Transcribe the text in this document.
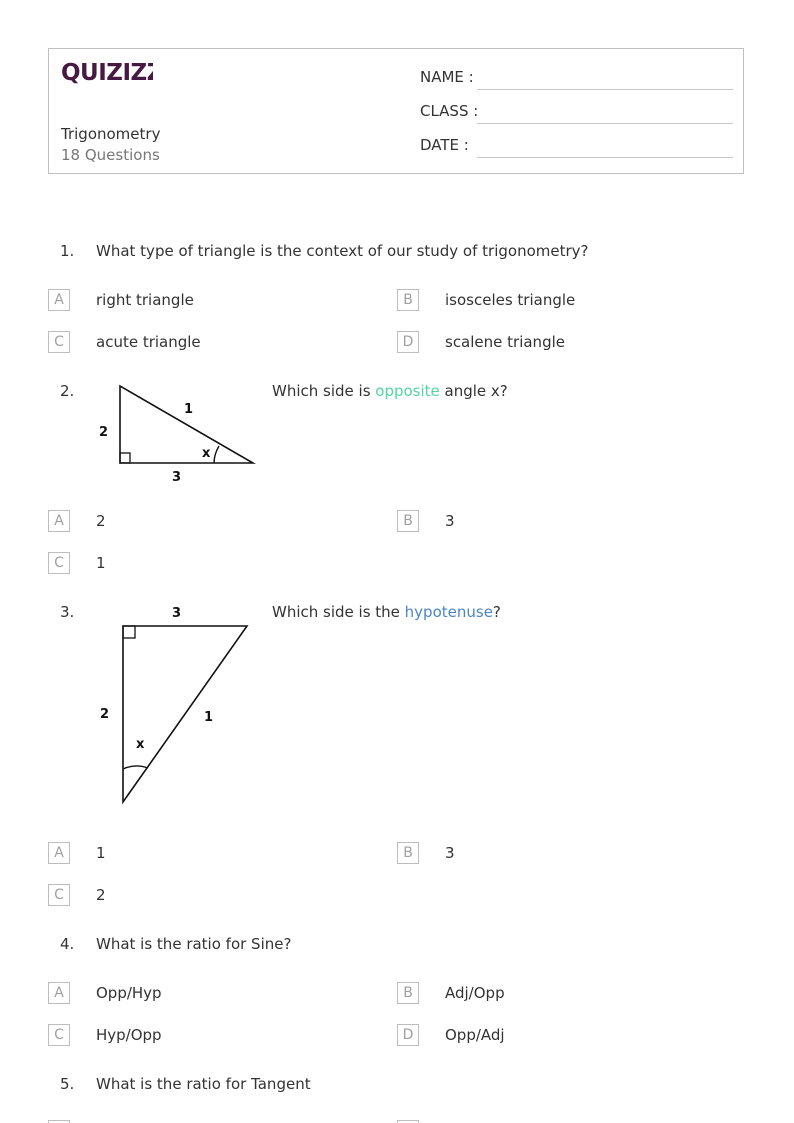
QUIZIZZ
Trigonometry
18 Questions
NAME :
CLASS :
DATE :
1. What type of triangle is the context of our study of trigonometry?
A	right triangle	B	isosceles triangle
C	acute triangle	D	scalene triangle
2.
2
1
3
x
Which side is opposite angle x?
A	2	B	3
C	1
3.	3
2	1
x
Which side is the hypotenuse?
A	1	B	3
C	2
4. What is the ratio for Sine?
A	Opp/Hyp	B	Adj/Opp
C	Hyp/Opp	D	Opp/Adj
5. What is the ratio for Tangent
